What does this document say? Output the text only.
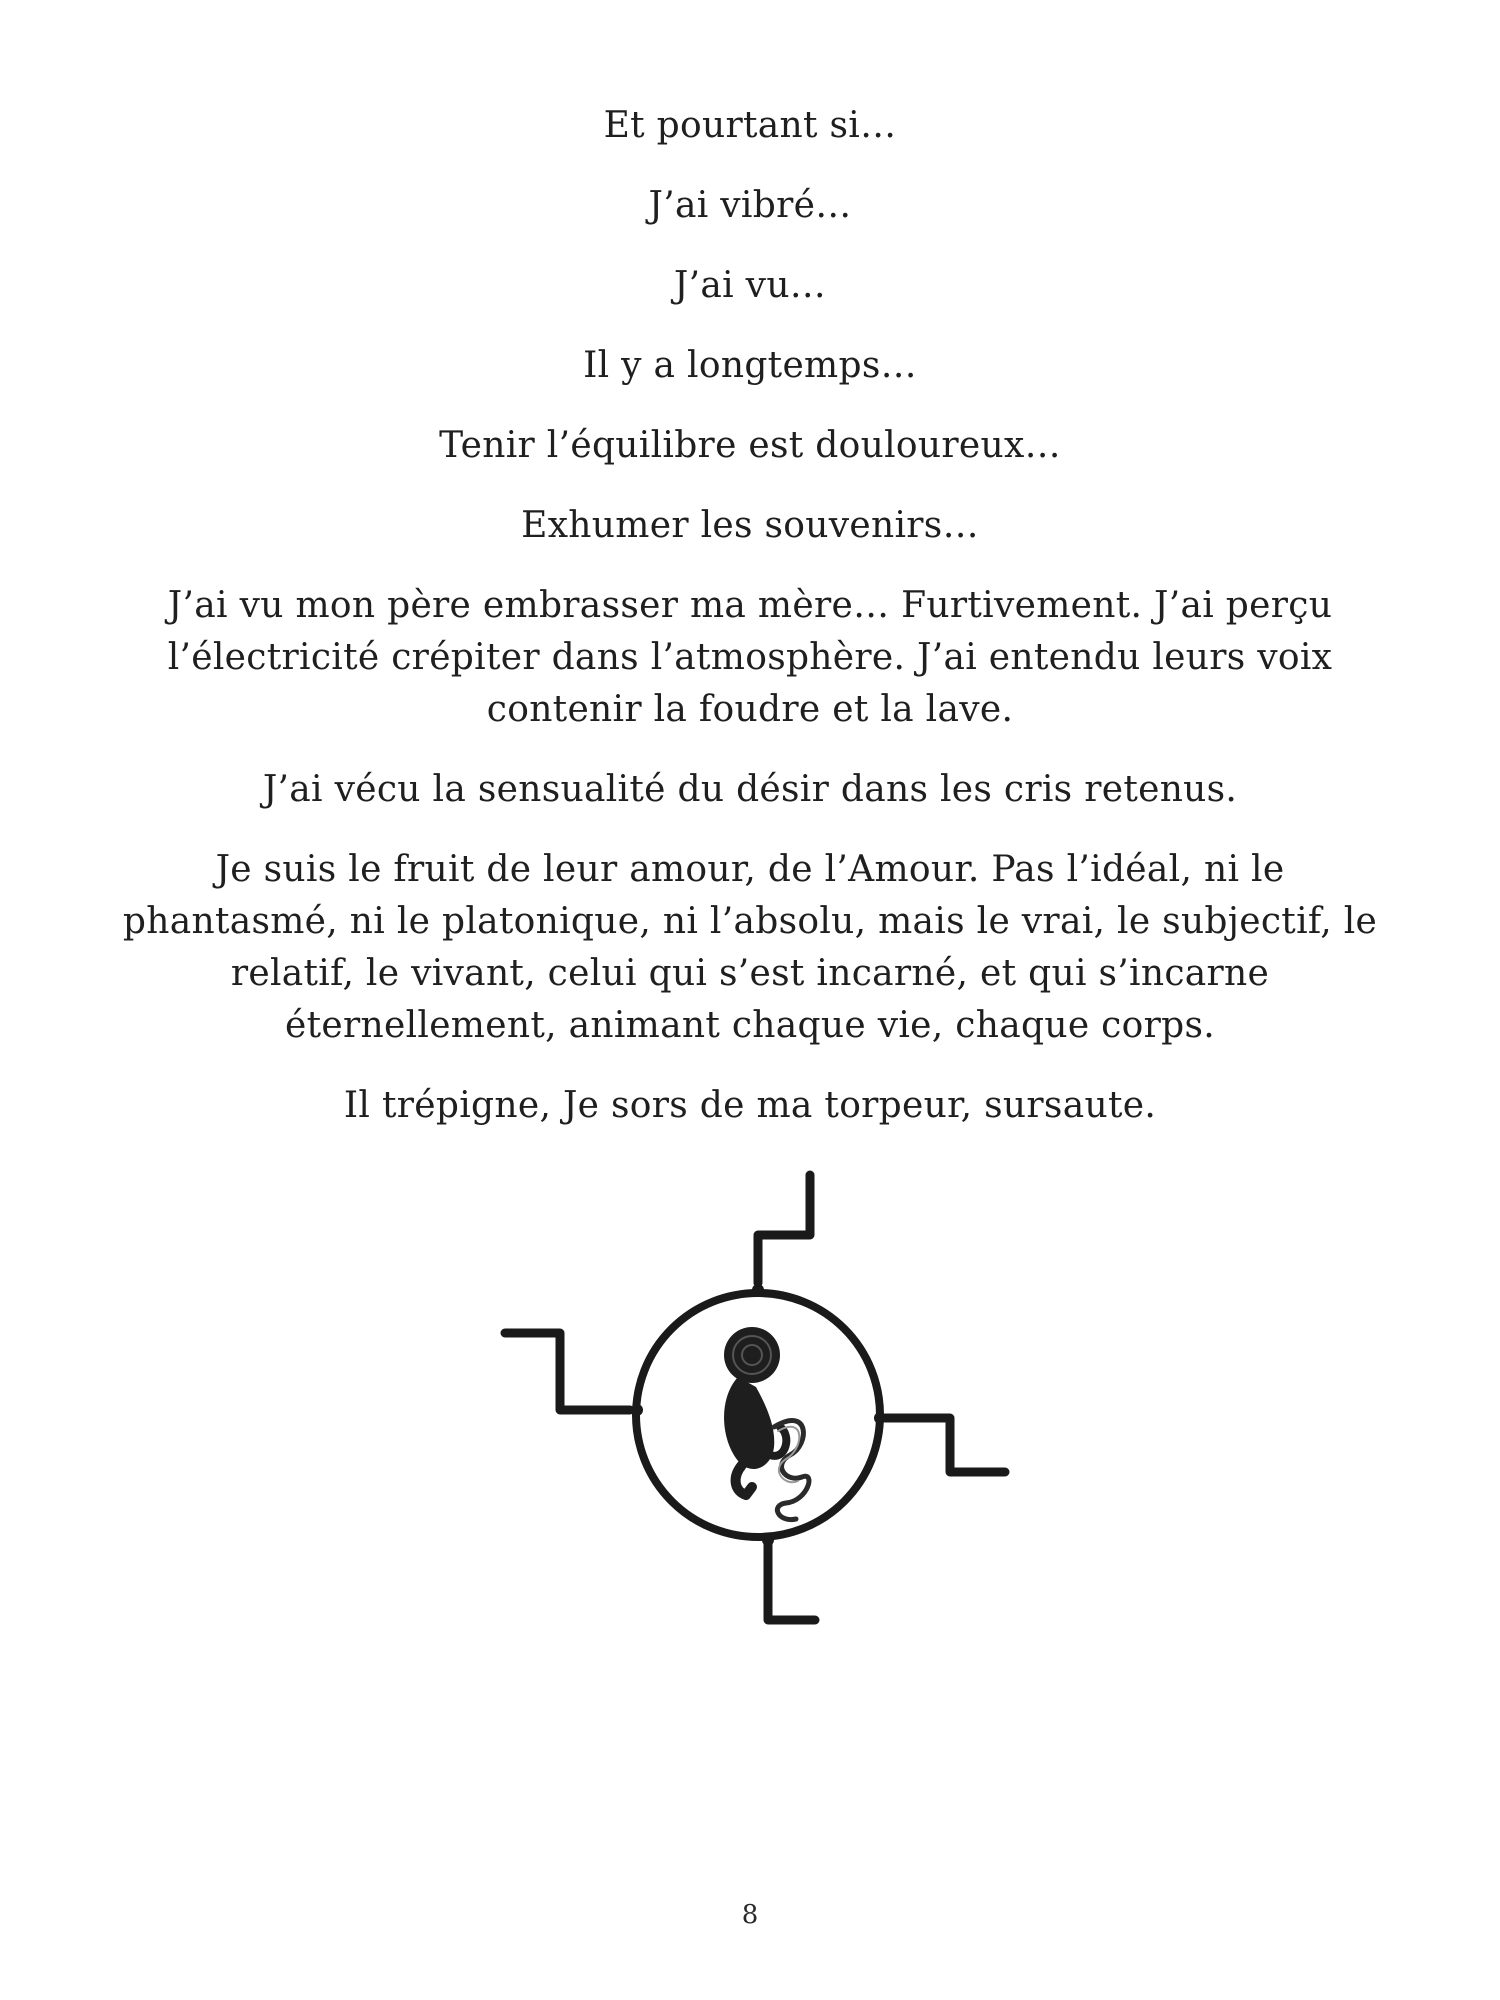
Et pourtant si…

J’ai vibré…

J’ai vu…

Il y a longtemps…

Tenir l’équilibre est douloureux…

Exhumer les souvenirs…

J’ai vu mon père embrasser ma mère… Furtivement. J’ai perçu l’électricité crépiter dans l’atmosphère. J’ai entendu leurs voix contenir la foudre et la lave.

J’ai vécu la sensualité du désir dans les cris retenus.

Je suis le fruit de leur amour, de l’Amour. Pas l’idéal, ni le phantasmé, ni le platonique, ni l’absolu, mais le vrai, le subjectif, le relatif, le vivant, celui qui s’est incarné, et qui s’incarne éternellement, animant chaque vie, chaque corps.

Il trépigne, Je sors de ma torpeur, sursaute.

8
